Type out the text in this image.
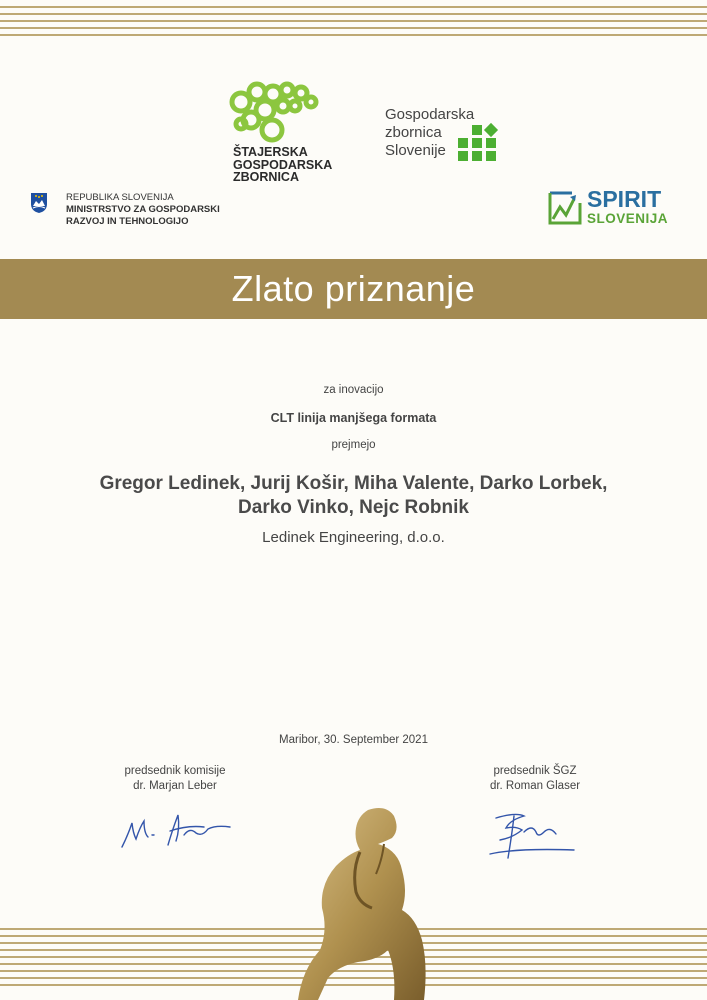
ŠTAJERSKA
GOSPODARSKA
ZBORNICA
Gospodarska
zbornica
Slovenije
REPUBLIKA SLOVENIJA
MINISTRSTVO ZA GOSPODARSKI
RAZVOJ IN TEHNOLOGIJO
SPIRIT
SLOVENIJA
Zlato priznanje
za inovacijo
CLT linija manjšega formata
prejmejo
Gregor Ledinek, Jurij Košir, Miha Valente, Darko Lorbek,
Darko Vinko, Nejc Robnik
Ledinek Engineering, d.o.o.
Maribor, 30. September 2021
predsednik komisije
dr. Marjan Leber
predsednik ŠGZ
dr. Roman Glaser
